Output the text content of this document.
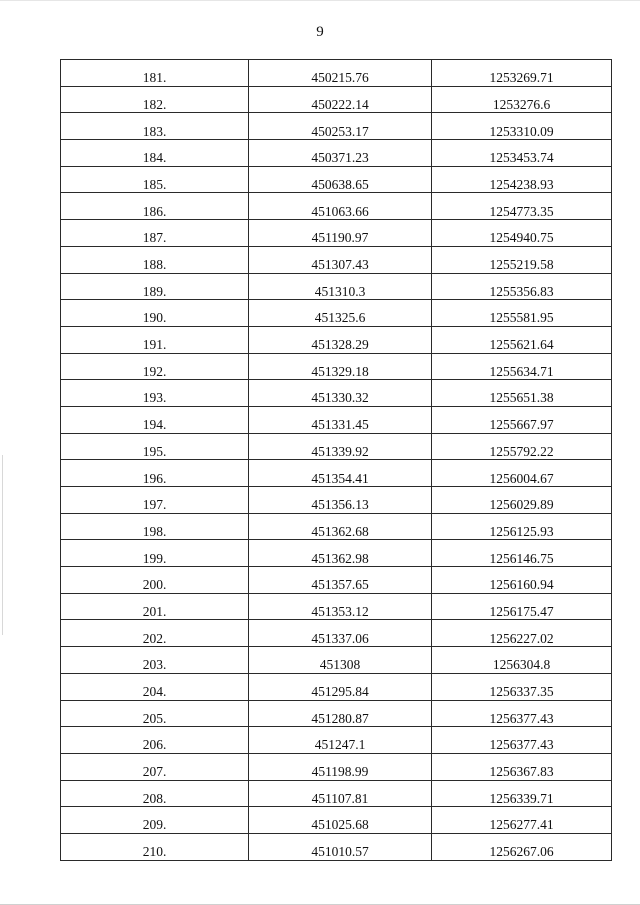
9
181.	450215.76	1253269.71
182.	450222.14	1253276.6
183.	450253.17	1253310.09
184.	450371.23	1253453.74
185.	450638.65	1254238.93
186.	451063.66	1254773.35
187.	451190.97	1254940.75
188.	451307.43	1255219.58
189.	451310.3	1255356.83
190.	451325.6	1255581.95
191.	451328.29	1255621.64
192.	451329.18	1255634.71
193.	451330.32	1255651.38
194.	451331.45	1255667.97
195.	451339.92	1255792.22
196.	451354.41	1256004.67
197.	451356.13	1256029.89
198.	451362.68	1256125.93
199.	451362.98	1256146.75
200.	451357.65	1256160.94
201.	451353.12	1256175.47
202.	451337.06	1256227.02
203.	451308	1256304.8
204.	451295.84	1256337.35
205.	451280.87	1256377.43
206.	451247.1	1256377.43
207.	451198.99	1256367.83
208.	451107.81	1256339.71
209.	451025.68	1256277.41
210.	451010.57	1256267.06
